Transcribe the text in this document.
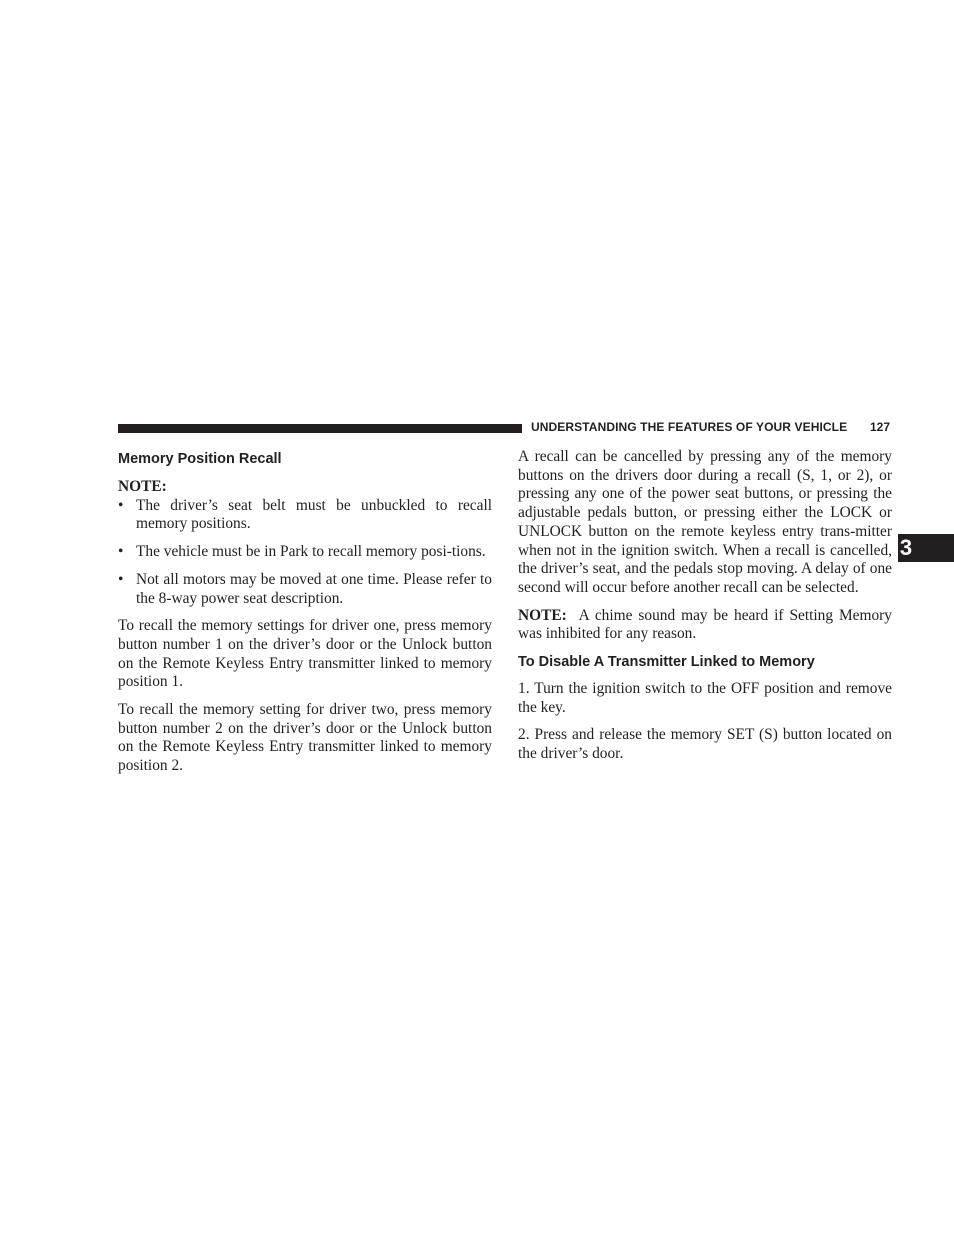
UNDERSTANDING THE FEATURES OF YOUR VEHICLE 127
3
Memory Position Recall

NOTE:

• The driver’s seat belt must be unbuckled to recall memory positions.
• The vehicle must be in Park to recall memory posi-tions.
• Not all motors may be moved at one time. Please refer to the 8-way power seat description.

To recall the memory settings for driver one, press memory button number 1 on the driver’s door or the Unlock button on the Remote Keyless Entry transmitter linked to memory position 1.

To recall the memory setting for driver two, press memory button number 2 on the driver’s door or the Unlock button on the Remote Keyless Entry transmitter linked to memory position 2.

A recall can be cancelled by pressing any of the memory buttons on the drivers door during a recall (S, 1, or 2), or pressing any one of the power seat buttons, or pressing the adjustable pedals button, or pressing either the LOCK or UNLOCK button on the remote keyless entry trans-mitter when not in the ignition switch. When a recall is cancelled, the driver’s seat, and the pedals stop moving. A delay of one second will occur before another recall can be selected.

NOTE: A chime sound may be heard if Setting Memory was inhibited for any reason.

To Disable A Transmitter Linked to Memory

1. Turn the ignition switch to the OFF position and remove the key.

2. Press and release the memory SET (S) button located on the driver’s door.
